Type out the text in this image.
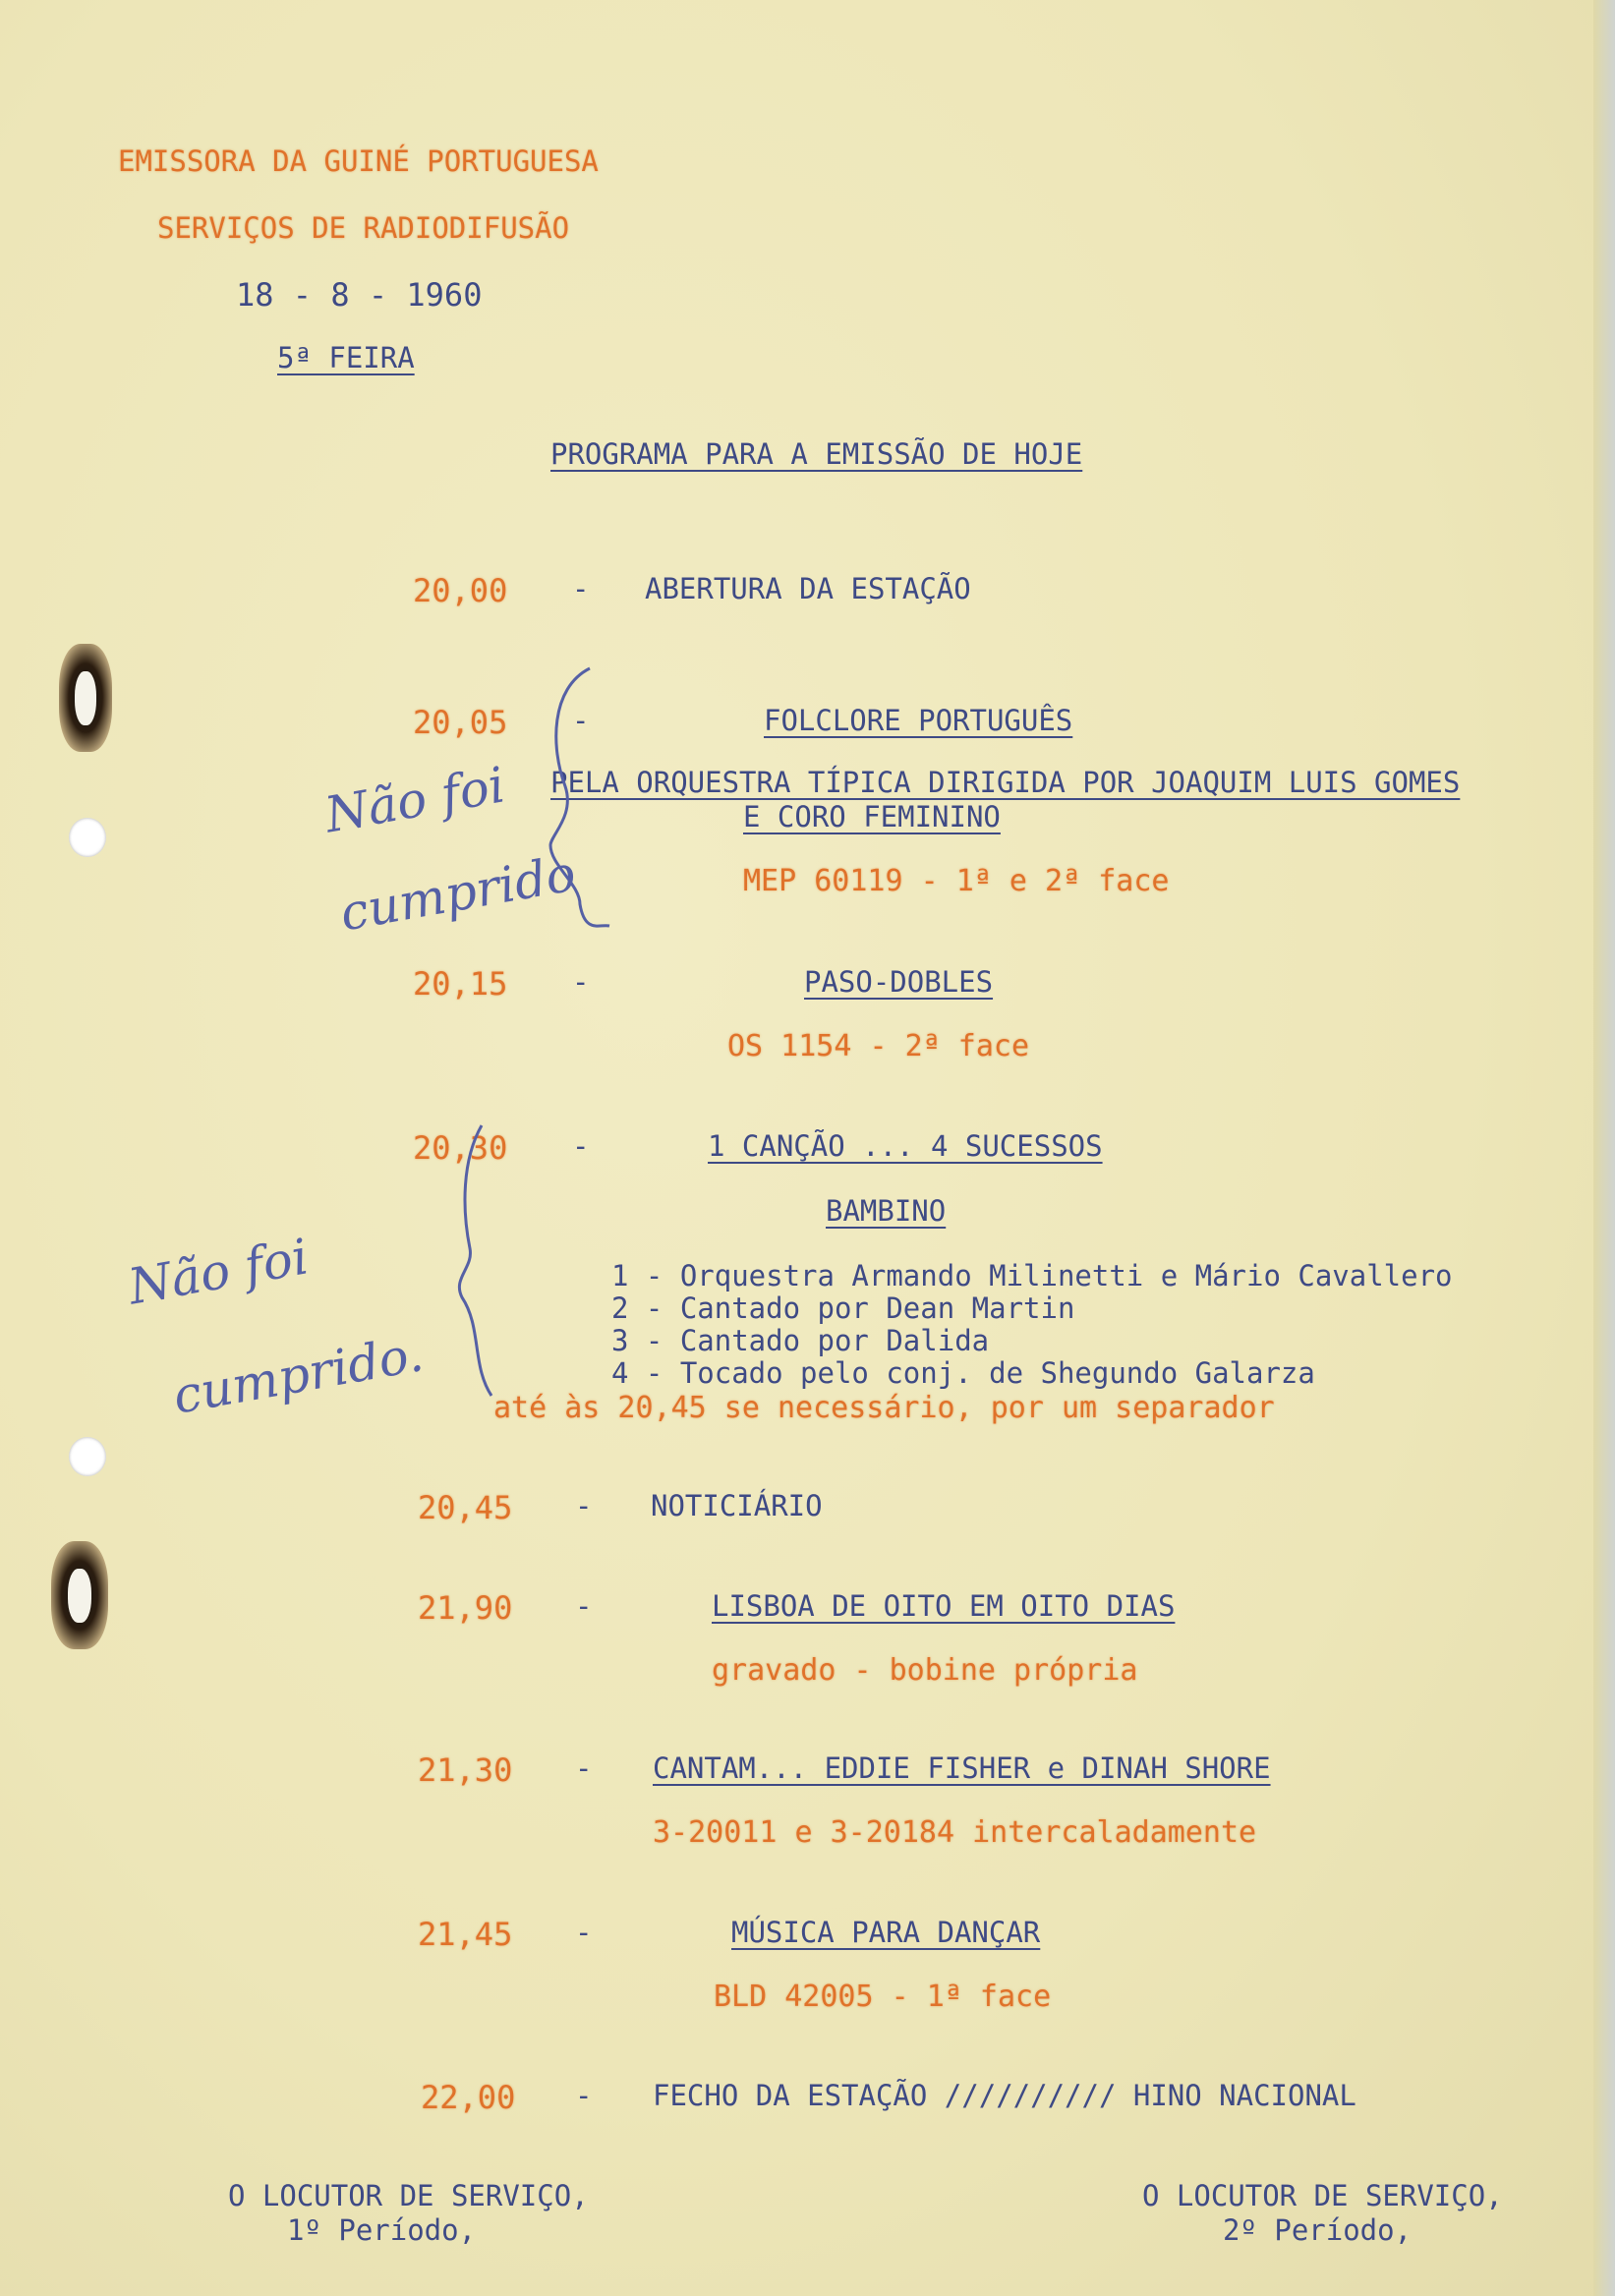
EMISSORA DA GUINÉ PORTUGUESA
SERVIÇOS DE RADIODIFUSÃO
18 - 8 - 1960
5ª FEIRA
PROGRAMA PARA A EMISSÃO DE HOJE
20,00 - ABERTURA DA ESTAÇÃO
20,05 -	FOLCLORE PORTUGUÊS
PELA ORQUESTRA TÍPICA DIRIGIDA POR JOAQUIM LUIS GOMES
E CORO FEMININO
MEP 60119 - 1ª e 2ª face
20,15 -	PASO-DOBLES
OS 1154 - 2ª face
20,30 -	1 CANÇÃO ... 4 SUCESSOS
BAMBINO
1 - Orquestra Armando Milinetti e Mário Cavallero
2 - Cantado por Dean Martin
3 - Cantado por Dalida
4 - Tocado pelo conj. de Shegundo Galarza
até às 20,45 se necessário, por um separador
20,45 - NOTICIÁRIO
21,90 -	LISBOA DE OITO EM OITO DIAS
gravado - bobine própria
21,30 - CANTAM... EDDIE FISHER e DINAH SHORE
3-20011 e 3-20184 intercaladamente
21,45 -	MÚSICA PARA DANÇAR
BLD 42005 - 1ª face
22,00 - FECHO DA ESTAÇÃO ////////// HINO NACIONAL
O LOCUTOR DE SERVIÇO,
1º Período,
O LOCUTOR DE SERVIÇO,
2º Período,
Não foi
cumprido
Não foi
cumprido.
